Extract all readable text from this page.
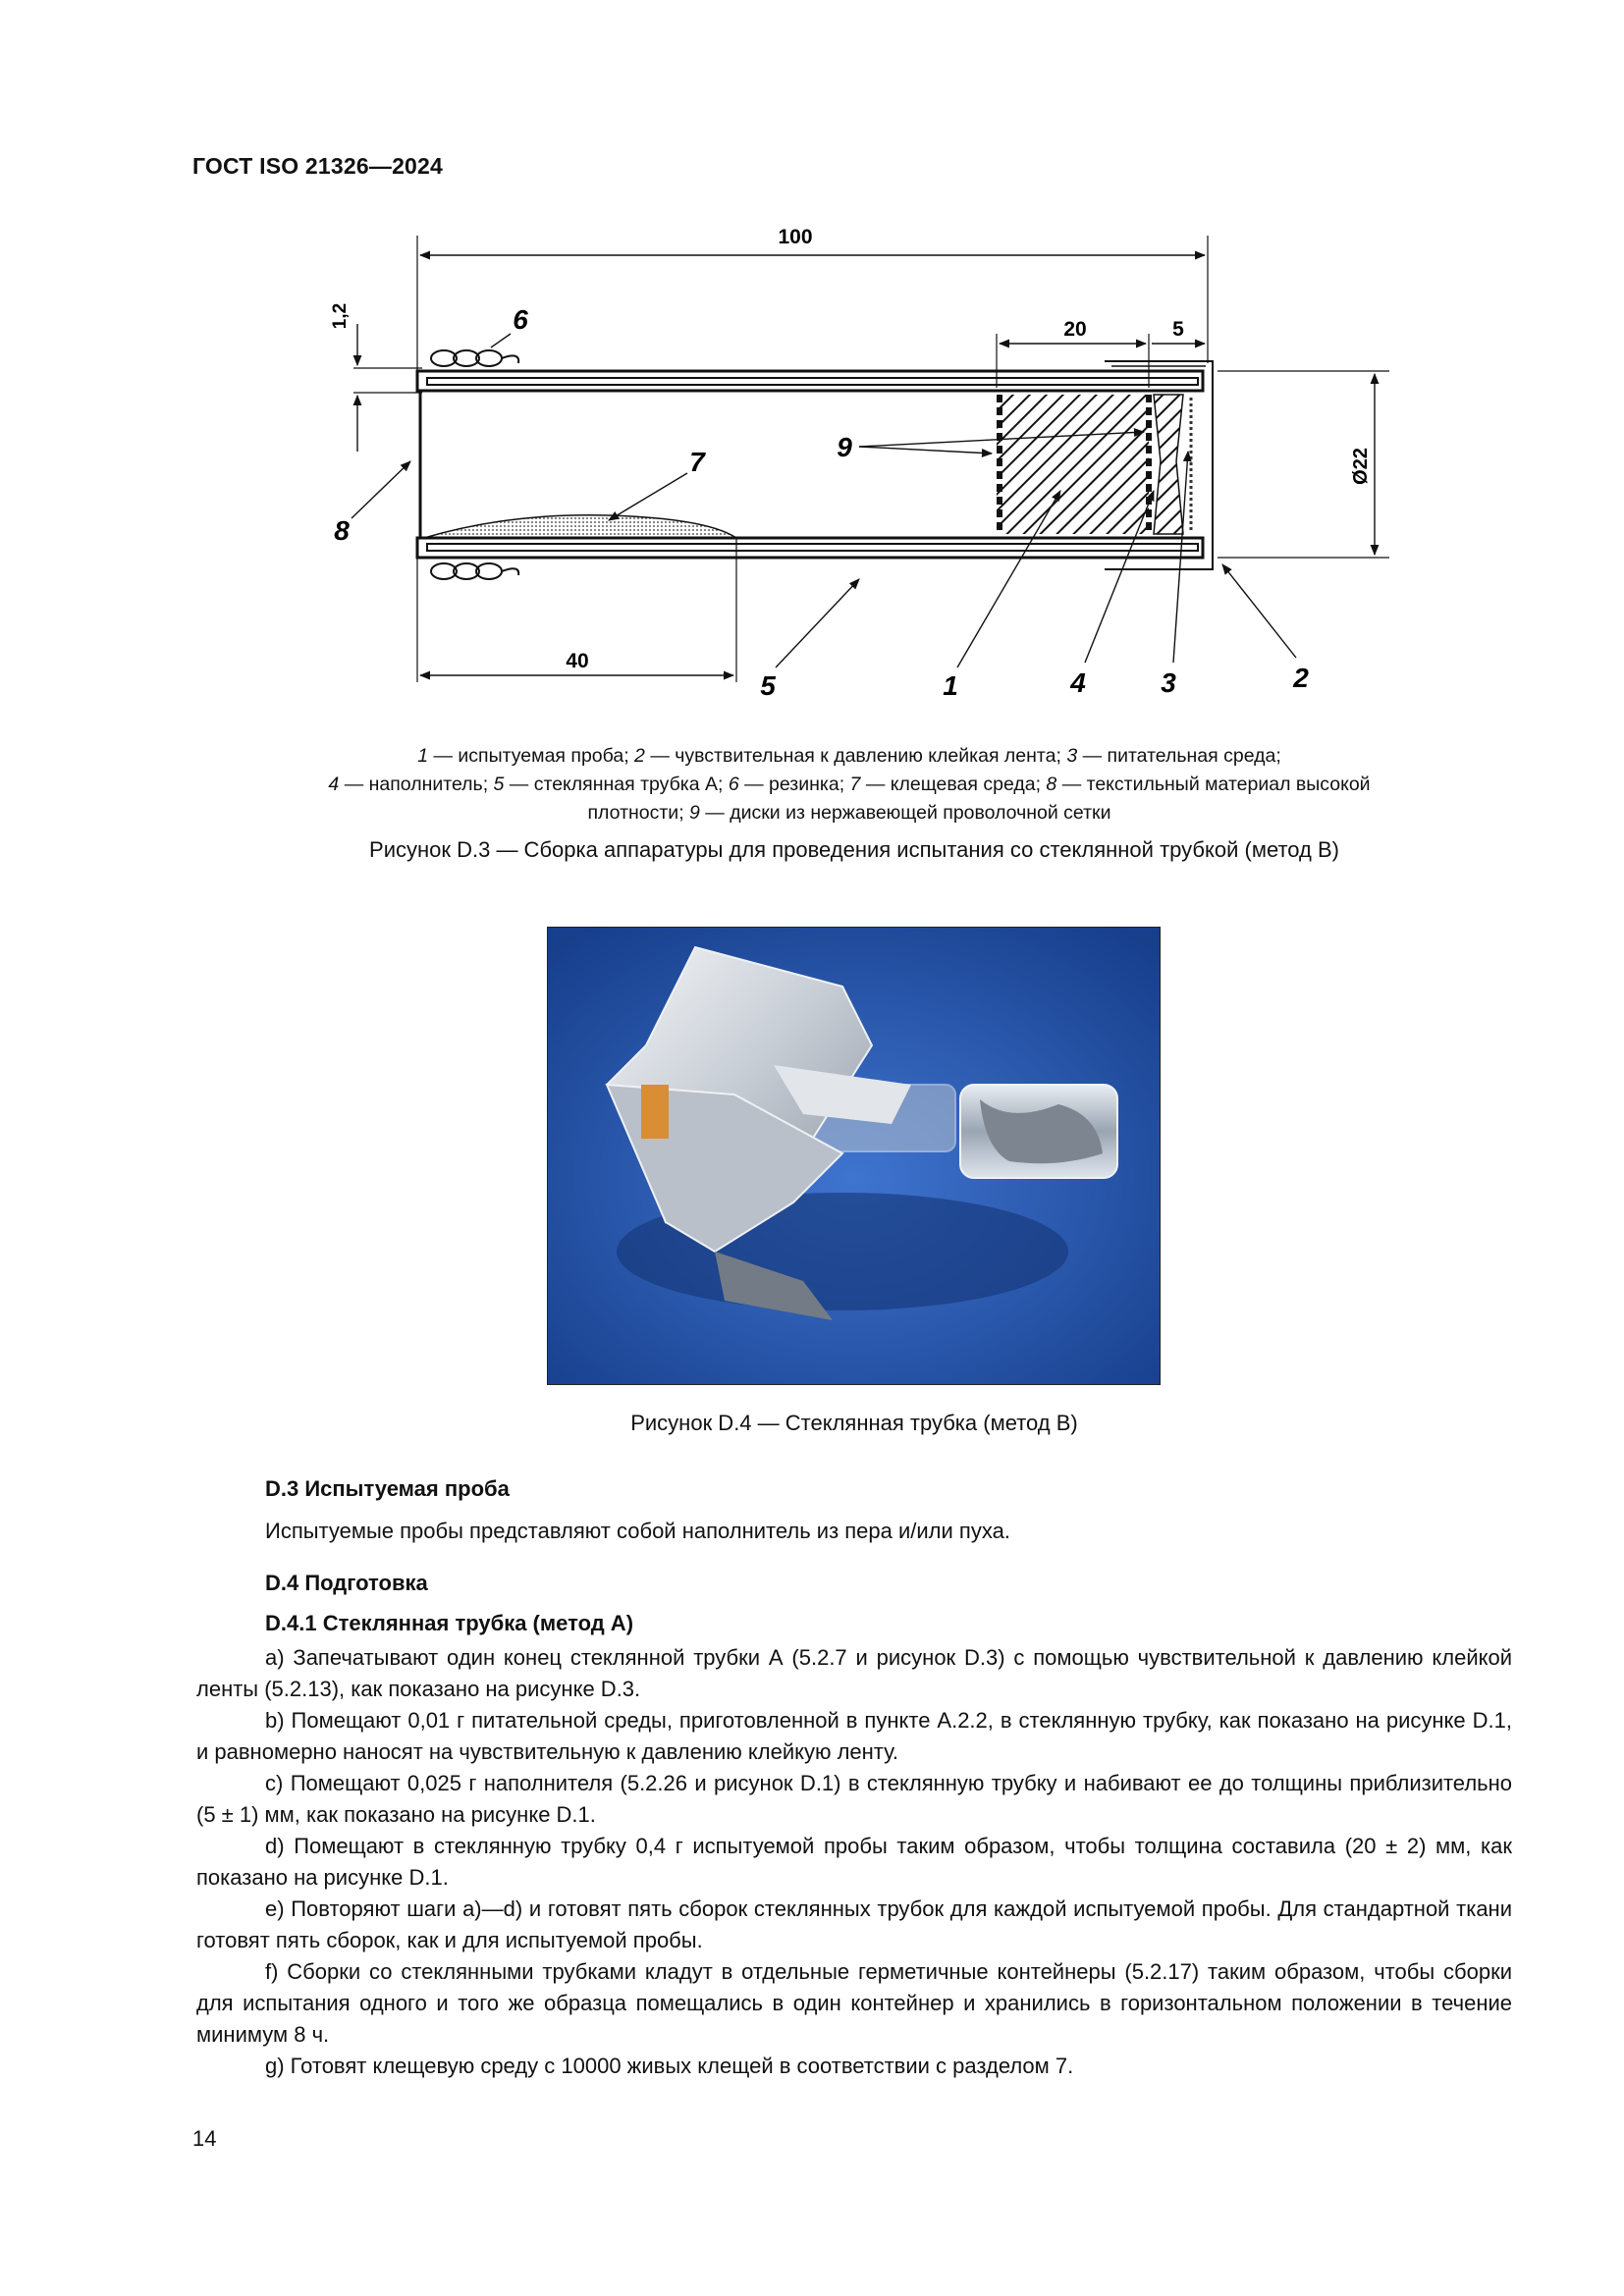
ГОСТ ISO 21326—2024
100
1,2
20	5
Ø22
40
6
8
7	9
5	1	4	3	2
1 — испытуемая проба; 2 — чувствительная к давлению клейкая лента; 3 — питательная среда;
4 — наполнитель; 5 — стеклянная трубка А; 6 — резинка; 7 — клещевая среда; 8 — текстильный материал высокой плотности; 9 — диски из нержавеющей проволочной сетки
Рисунок D.3 — Сборка аппаратуры для проведения испытания со стеклянной трубкой (метод В)
Рисунок D.4 — Стеклянная трубка (метод В)
D.3 Испытуемая проба
Испытуемые пробы представляют собой наполнитель из пера и/или пуха.
D.4 Подготовка
D.4.1 Стеклянная трубка (метод А)
a) Запечатывают один конец стеклянной трубки А (5.2.7 и рисунок D.3) с помощью чувствительной к давлению клейкой ленты (5.2.13), как показано на рисунке D.3.
b) Помещают 0,01 г питательной среды, приготовленной в пункте А.2.2, в стеклянную трубку, как показано на рисунке D.1, и равномерно наносят на чувствительную к давлению клейкую ленту.
c) Помещают 0,025 г наполнителя (5.2.26 и рисунок D.1) в стеклянную трубку и набивают ее до толщины приблизительно (5 ± 1) мм, как показано на рисунке D.1.
d) Помещают в стеклянную трубку 0,4 г испытуемой пробы таким образом, чтобы толщина составила (20 ± 2) мм, как показано на рисунке D.1.
e) Повторяют шаги a)—d) и готовят пять сборок стеклянных трубок для каждой испытуемой пробы. Для стандартной ткани готовят пять сборок, как и для испытуемой пробы.
f) Сборки со стеклянными трубками кладут в отдельные герметичные контейнеры (5.2.17) таким образом, чтобы сборки для испытания одного и того же образца помещались в один контейнер и хранились в горизонтальном положении в течение минимум 8 ч.
g) Готовят клещевую среду с 10000 живых клещей в соответствии с разделом 7.
14
